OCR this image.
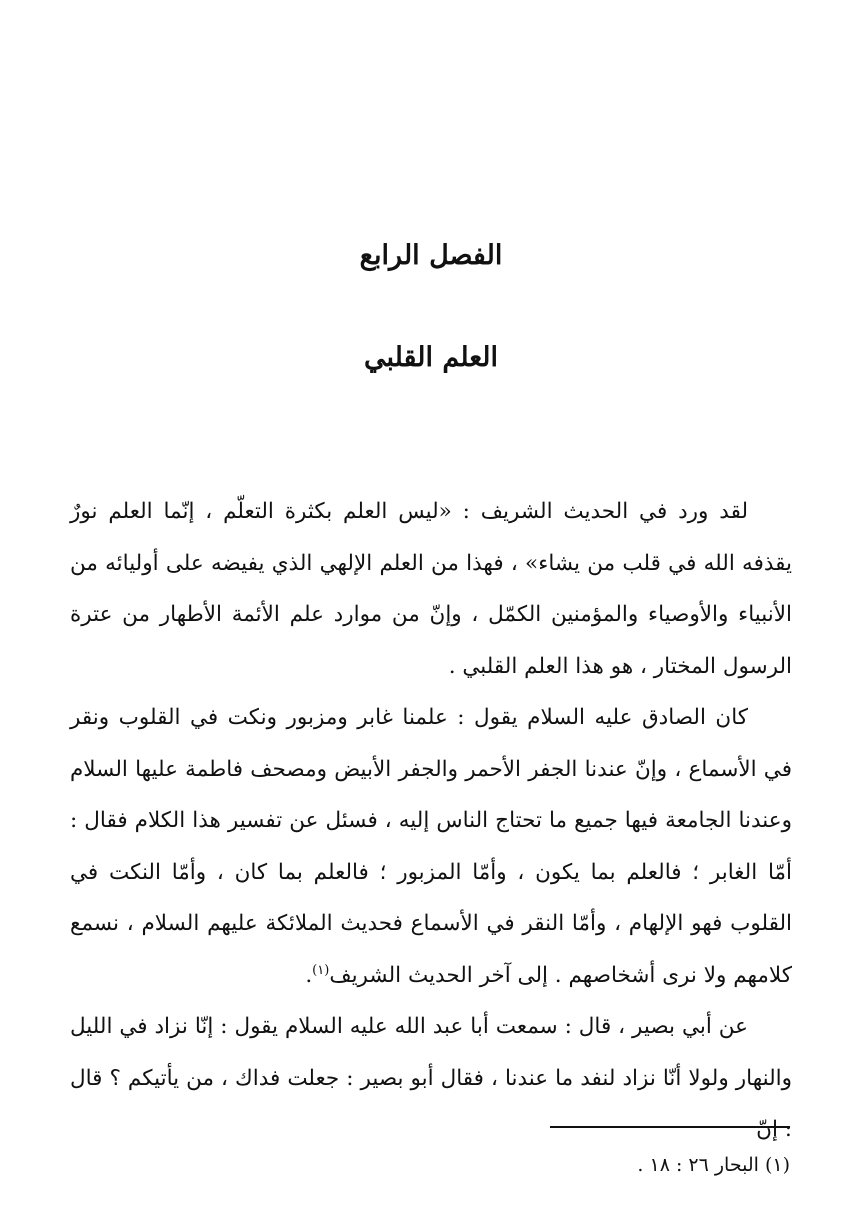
الفصل الرابع
العلم القلبي

لقد ورد في الحديث الشريف : «ليس العلم بكثرة التعلّم ، إنّما العلم نورٌ يقذفه الله في قلب من يشاء» ، فهذا من العلم الإلهي الذي يفيضه على أوليائه من الأنبياء والأوصياء والمؤمنين الكمّل ، وإنّ من موارد علم الأئمة الأطهار من عترة الرسول المختار ، هو هذا العلم القلبي .

كان الصادق عليه السلام يقول : علمنا غابر ومزبور ونكت في القلوب ونقر في الأسماع ، وإنّ عندنا الجفر الأحمر والجفر الأبيض ومصحف فاطمة عليها السلام وعندنا الجامعة فيها جميع ما تحتاج الناس إليه ، فسئل عن تفسير هذا الكلام فقال : أمّا الغابر ؛ فالعلم بما يكون ، وأمّا المزبور ؛ فالعلم بما كان ، وأمّا النكت في القلوب فهو الإلهام ، وأمّا النقر في الأسماع فحديث الملائكة عليهم السلام ، نسمع كلامهم ولا نرى أشخاصهم . إلى آخر الحديث الشريف$^{(١)}$.

عن أبي بصير ، قال : سمعت أبا عبد الله عليه السلام يقول : إنّا نزاد في الليل والنهار ولولا أنّا نزاد لنفد ما عندنا ، فقال أبو بصير : جعلت فداك ، من يأتيكم ؟ قال : إنّ

(١) البحار ٢٦ : ١٨ .
